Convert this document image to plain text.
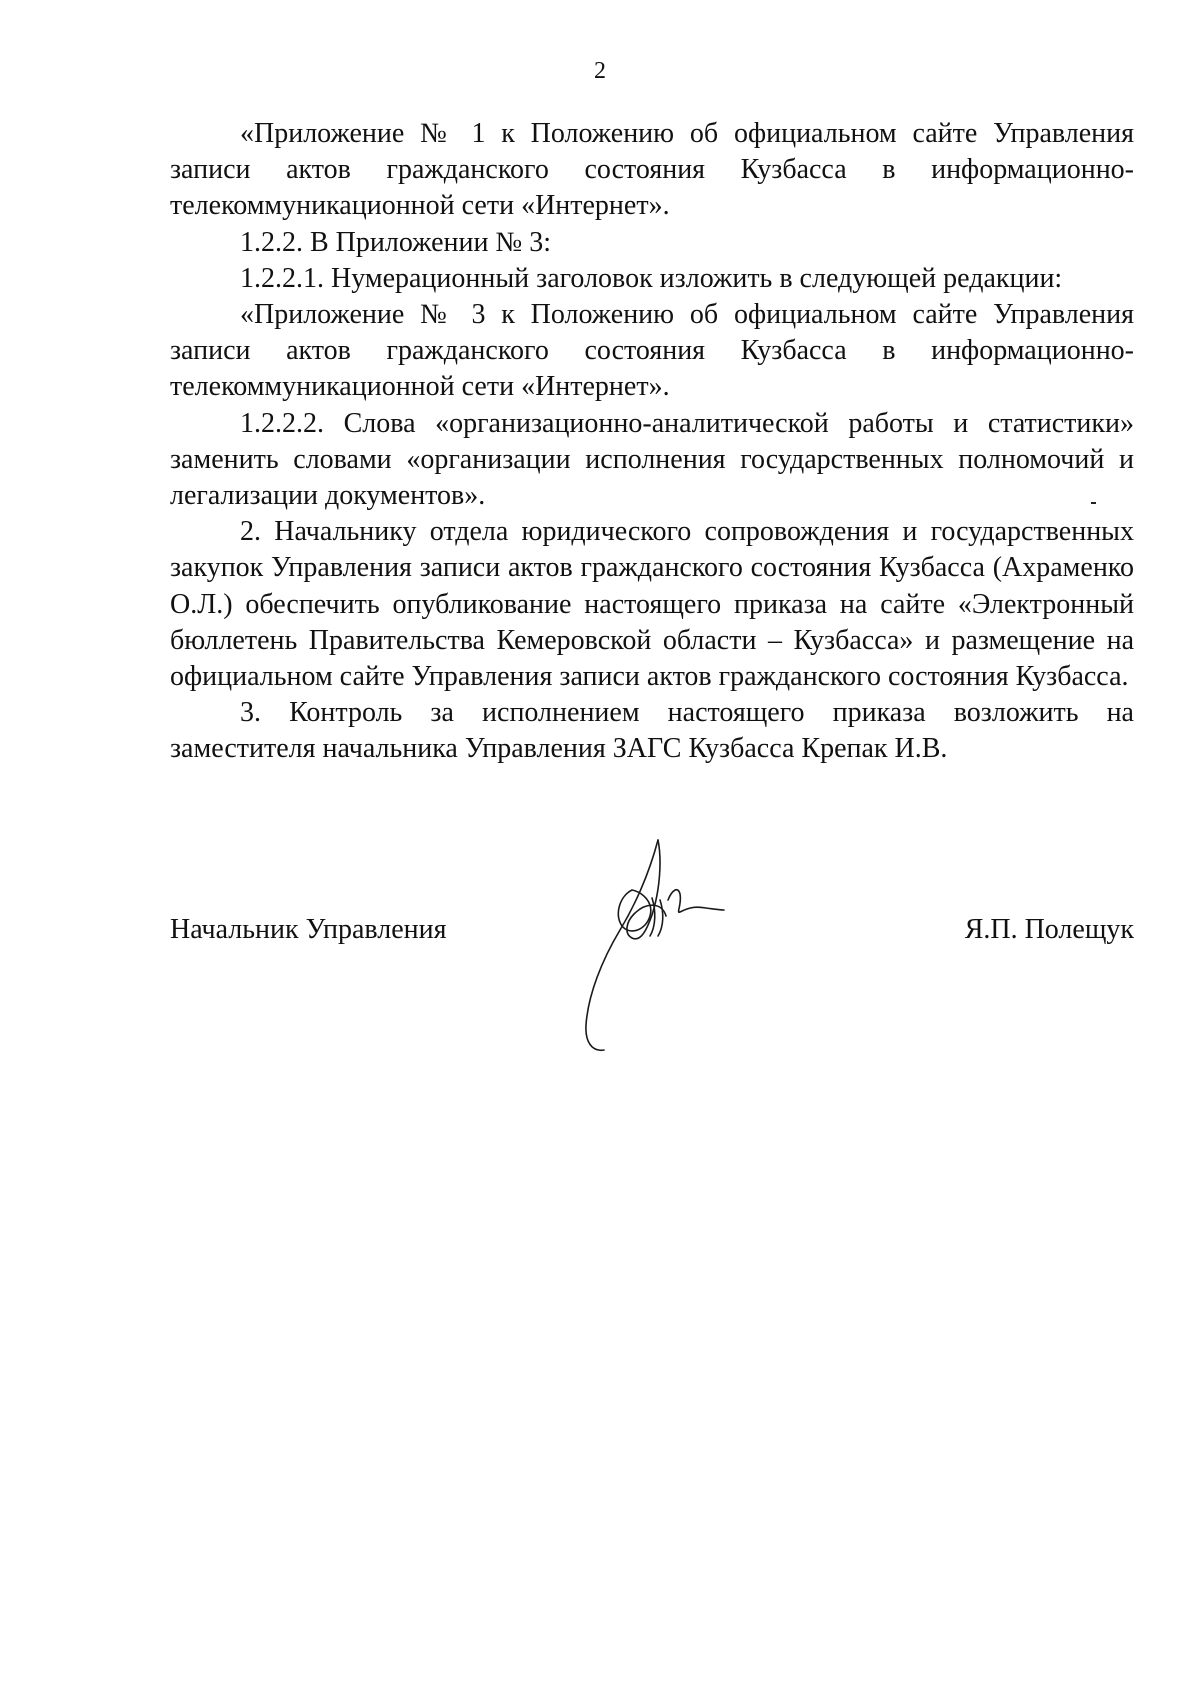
2

«Приложение № 1 к Положению об официальном сайте Управления записи актов гражданского состояния Кузбасса в информационно-телекоммуникационной сети «Интернет».

1.2.2. В Приложении № 3:

1.2.2.1. Нумерационный заголовок изложить в следующей редакции:

«Приложение № 3 к Положению об официальном сайте Управления записи актов гражданского состояния Кузбасса в информационно-телекоммуникационной сети «Интернет».

1.2.2.2. Слова «организационно-аналитической работы и статистики» заменить словами «организации исполнения государственных полномочий и легализации документов».

2. Начальнику отдела юридического сопровождения и государственных закупок Управления записи актов гражданского состояния Кузбасса (Ахраменко О.Л.) обеспечить опубликование настоящего приказа на сайте «Электронный бюллетень Правительства Кемеровской области – Кузбасса» и размещение на официальном сайте Управления записи актов гражданского состояния Кузбасса.

3. Контроль за исполнением настоящего приказа возложить на заместителя начальника Управления ЗАГС Кузбасса Крепак И.В.

Начальник Управления	Я.П. Полещук
